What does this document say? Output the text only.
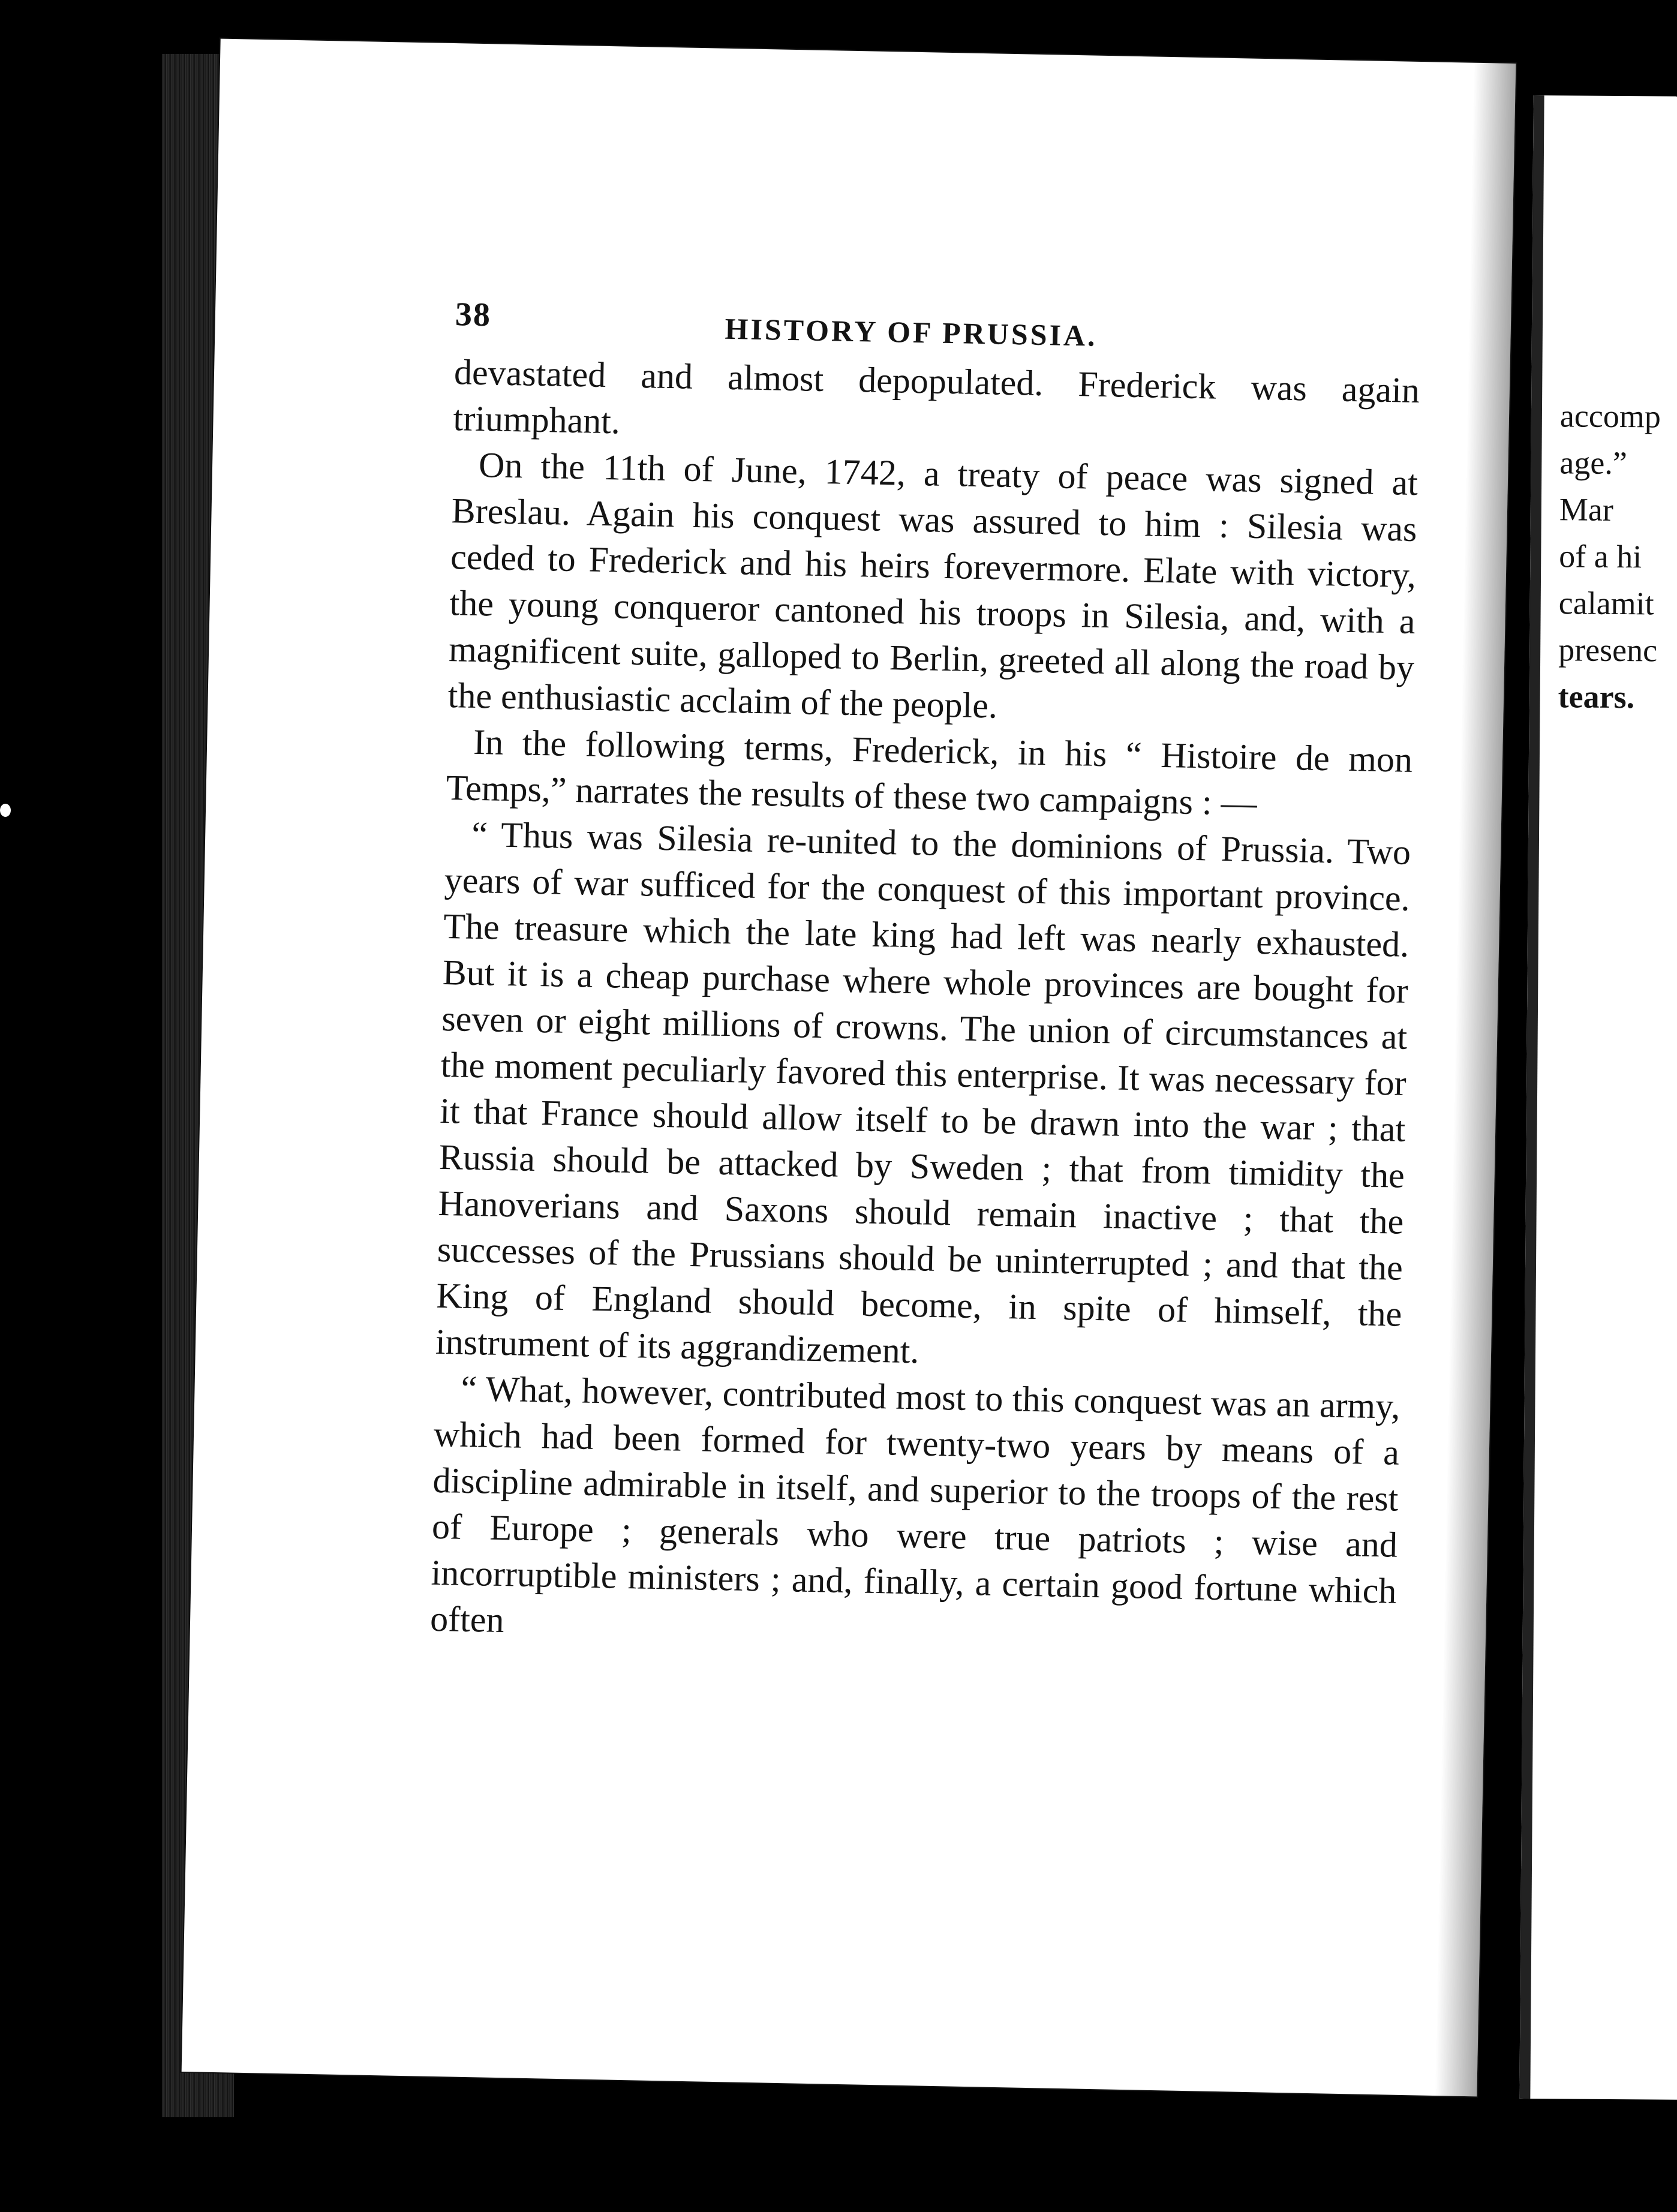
accomp
age.”
Mar
of a hi
calamit
presenc
tears.
38	HISTORY OF PRUSSIA.

devastated and almost depopulated. Frederick was again triumphant.

On the 11th of June, 1742, a treaty of peace was signed at Breslau. Again his conquest was assured to him : Silesia was ceded to Frederick and his heirs forevermore. Elate with victory, the young conqueror cantoned his troops in Silesia, and, with a magnificent suite, galloped to Berlin, greeted all along the road by the enthusiastic acclaim of the people.

In the following terms, Frederick, in his “ Histoire de mon Temps,” narrates the results of these two campaigns : —

“ Thus was Silesia re-united to the dominions of Prussia. Two years of war sufficed for the conquest of this important province. The treasure which the late king had left was nearly exhausted. But it is a cheap purchase where whole provinces are bought for seven or eight millions of crowns. The union of circumstances at the moment peculiarly favored this enterprise. It was necessary for it that France should allow itself to be drawn into the war ; that Russia should be attacked by Sweden ; that from timidity the Hanoverians and Saxons should remain inactive ; that the successes of the Prussians should be uninterrupted ; and that the King of England should become, in spite of himself, the instrument of its aggrandizement.

“ What, however, contributed most to this conquest was an army, which had been formed for twenty-two years by means of a discipline admirable in itself, and superior to the troops of the rest of Europe ; generals who were true patriots ; wise and incorruptible ministers ; and, finally, a certain good fortune which often
